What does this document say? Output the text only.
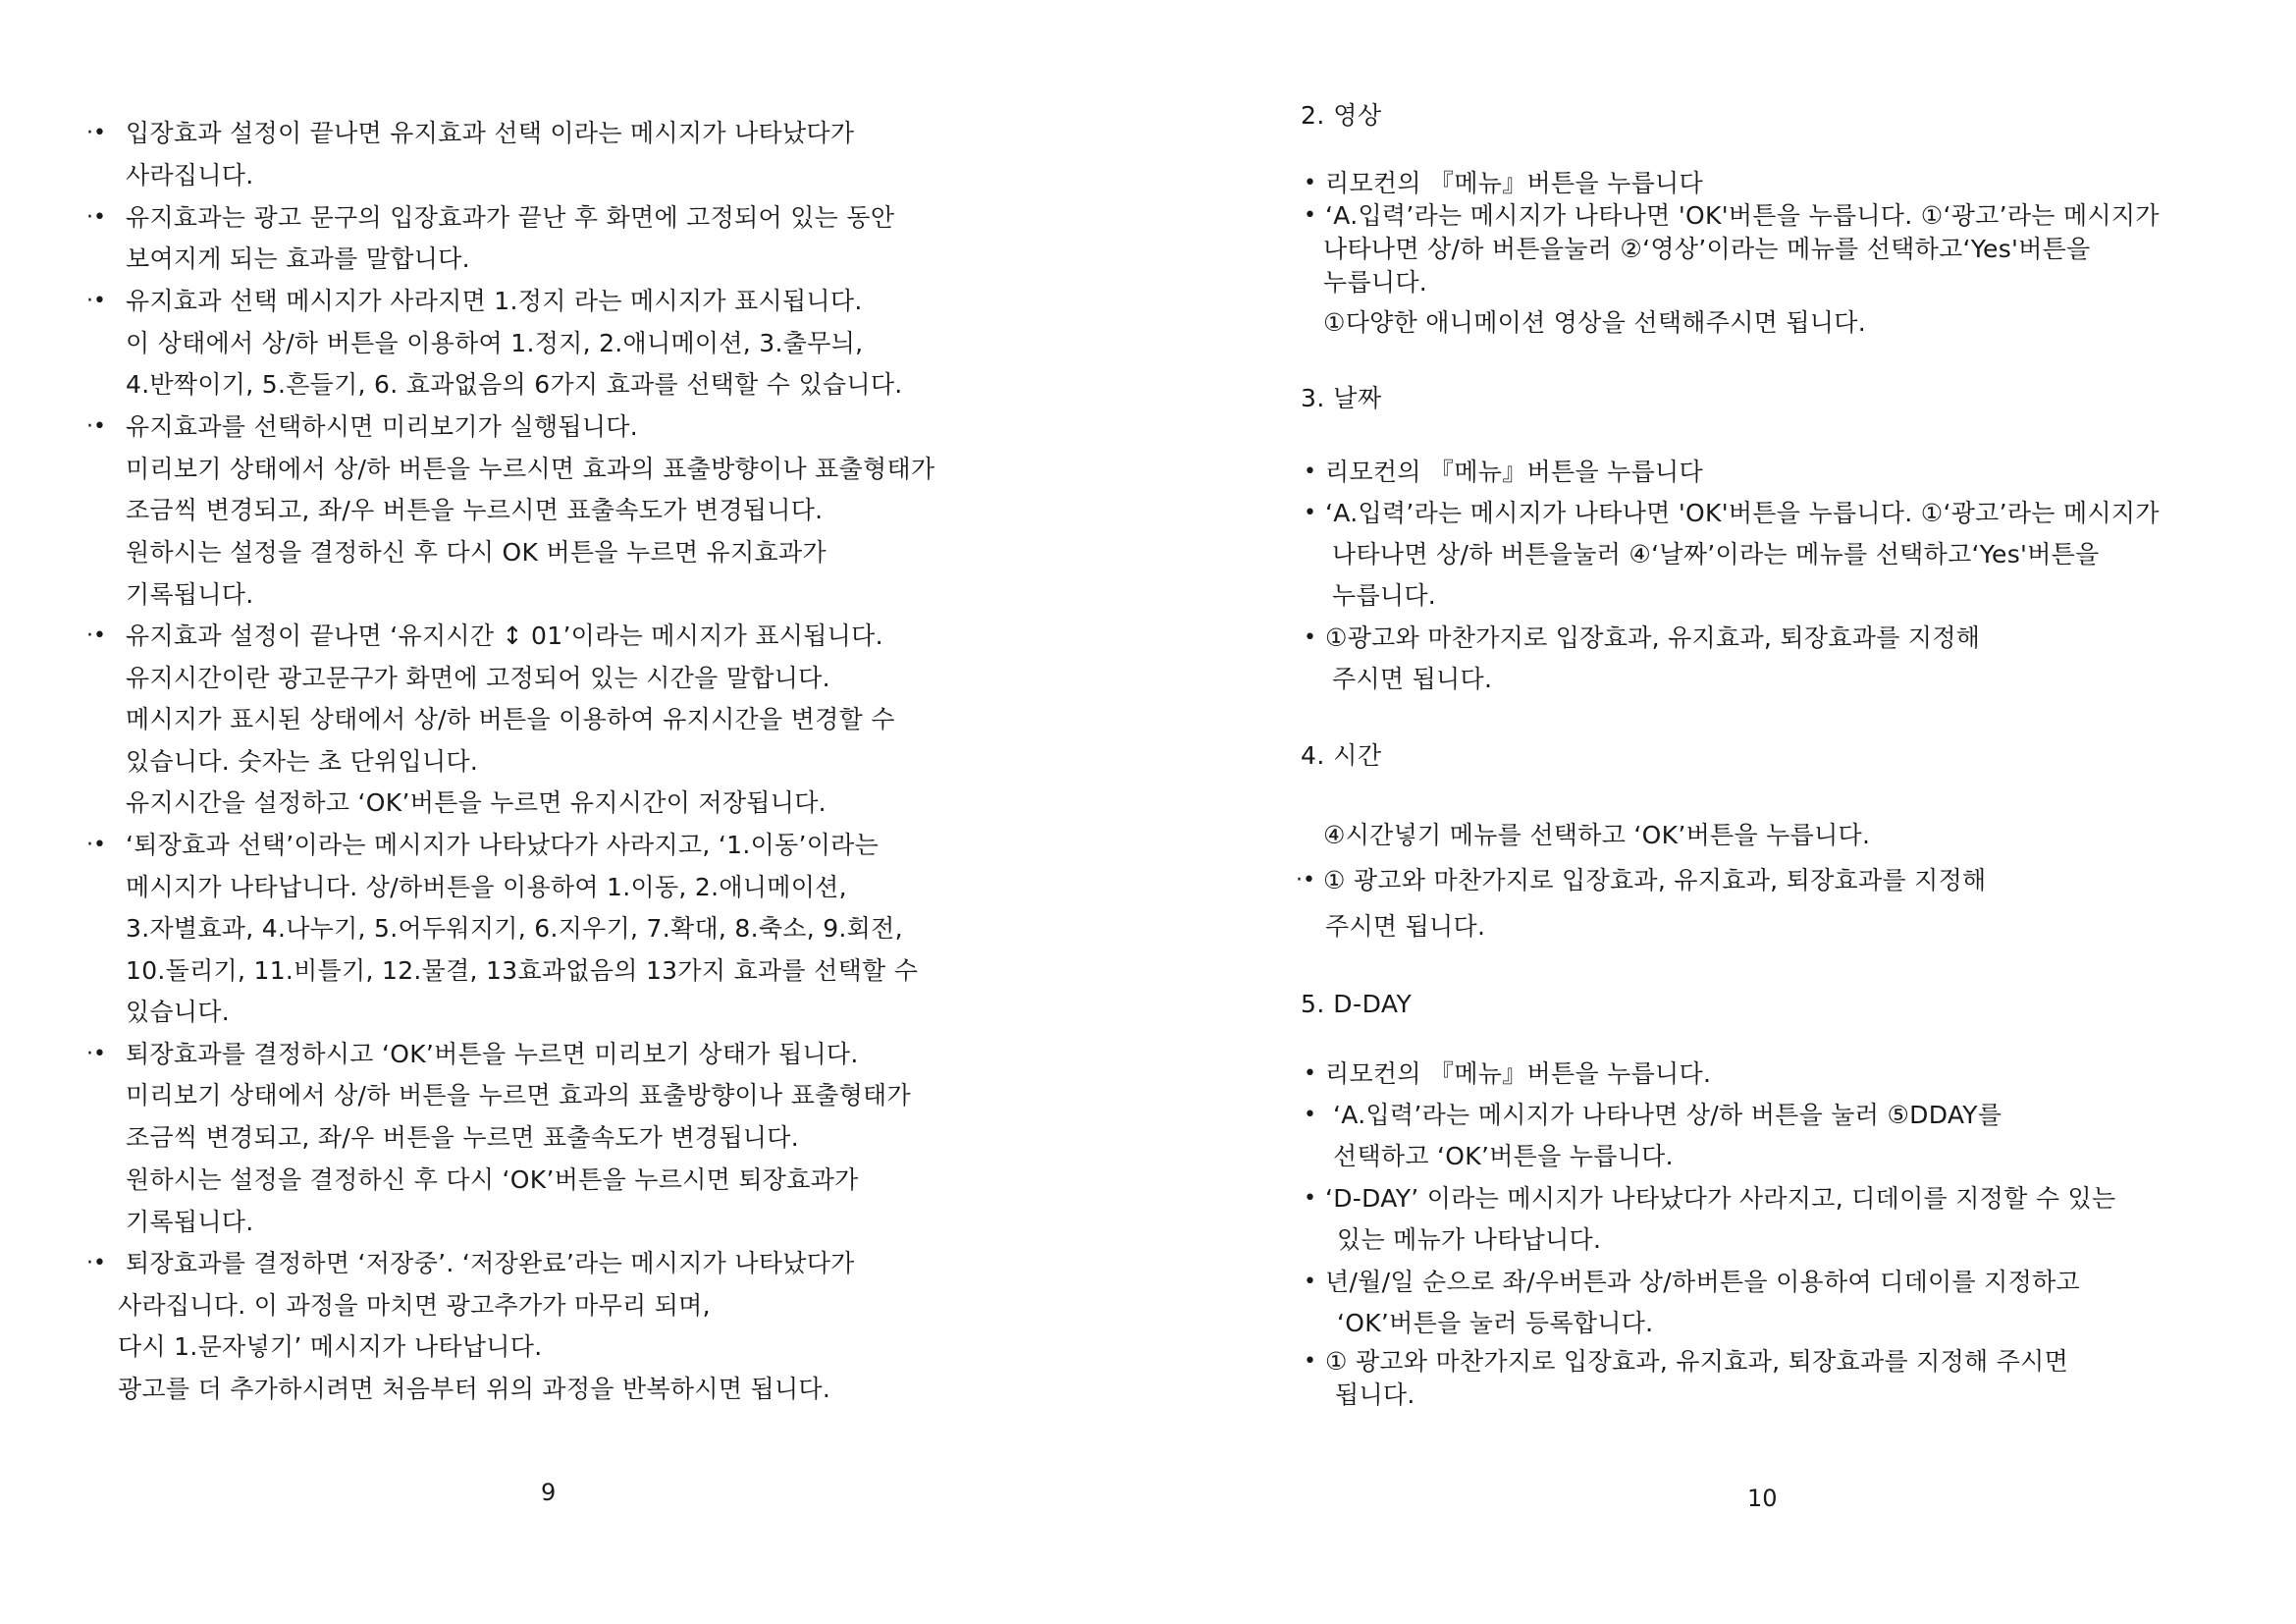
·• 입장효과 설정이 끝나면 유지효과 선택 이라는 메시지가 나타났다가
사라집니다.
·• 유지효과는 광고 문구의 입장효과가 끝난 후 화면에 고정되어 있는 동안
보여지게 되는 효과를 말합니다.
·• 유지효과 선택 메시지가 사라지면 1.정지 라는 메시지가 표시됩니다.
이 상태에서 상/하 버튼을 이용하여 1.정지, 2.애니메이션, 3.출무늬,
4.반짝이기, 5.흔들기, 6. 효과없음의 6가지 효과를 선택할 수 있습니다.
·• 유지효과를 선택하시면 미리보기가 실행됩니다.
미리보기 상태에서 상/하 버튼을 누르시면 효과의 표출방향이나 표출형태가
조금씩 변경되고, 좌/우 버튼을 누르시면 표출속도가 변경됩니다.
원하시는 설정을 결정하신 후 다시 OK 버튼을 누르면 유지효과가
기록됩니다.
·• 유지효과 설정이 끝나면 ‘유지시간 ↕ 01’이라는 메시지가 표시됩니다.
유지시간이란 광고문구가 화면에 고정되어 있는 시간을 말합니다.
메시지가 표시된 상태에서 상/하 버튼을 이용하여 유지시간을 변경할 수
있습니다. 숫자는 초 단위입니다.
유지시간을 설정하고 ‘OK’버튼을 누르면 유지시간이 저장됩니다.
·• ‘퇴장효과 선택’이라는 메시지가 나타났다가 사라지고, ‘1.이동’이라는
메시지가 나타납니다. 상/하버튼을 이용하여 1.이동, 2.애니메이션,
3.자별효과, 4.나누기, 5.어두워지기, 6.지우기, 7.확대, 8.축소, 9.회전,
10.돌리기, 11.비틀기, 12.물결, 13효과없음의 13가지 효과를 선택할 수
있습니다.
·• 퇴장효과를 결정하시고 ‘OK’버튼을 누르면 미리보기 상태가 됩니다.
미리보기 상태에서 상/하 버튼을 누르면 효과의 표출방향이나 표출형태가
조금씩 변경되고, 좌/우 버튼을 누르면 표출속도가 변경됩니다.
원하시는 설정을 결정하신 후 다시 ‘OK’버튼을 누르시면 퇴장효과가
기록됩니다.
·• 퇴장효과를 결정하면 ‘저장중’. ‘저장완료’라는 메시지가 나타났다가
사라집니다. 이 과정을 마치면 광고추가가 마무리 되며,
다시 1.문자넣기’ 메시지가 나타납니다.
광고를 더 추가하시려면 처음부터 위의 과정을 반복하시면 됩니다.
9
2. 영상
• 리모컨의 『메뉴』버튼을 누릅니다
• ‘A.입력’라는 메시지가 나타나면 'OK'버튼을 누릅니다. ①‘광고’라는 메시지가
나타나면 상/하 버튼을눌러 ②‘영상’이라는 메뉴를 선택하고‘Yes'버튼을
누릅니다.
①다양한 애니메이션 영상을 선택해주시면 됩니다.
3. 날짜
• 리모컨의 『메뉴』버튼을 누릅니다
• ‘A.입력’라는 메시지가 나타나면 'OK'버튼을 누릅니다. ①‘광고’라는 메시지가
나타나면 상/하 버튼을눌러 ④‘날짜’이라는 메뉴를 선택하고‘Yes'버튼을
누릅니다.
• ①광고와 마찬가지로 입장효과, 유지효과, 퇴장효과를 지정해
주시면 됩니다.
4. 시간
④시간넣기 메뉴를 선택하고 ‘OK’버튼을 누릅니다.
·• ① 광고와 마찬가지로 입장효과, 유지효과, 퇴장효과를 지정해
주시면 됩니다.
5. D-DAY
• 리모컨의 『메뉴』버튼을 누릅니다.
• ‘A.입력’라는 메시지가 나타나면 상/하 버튼을 눌러 ⑤DDAY를
선택하고 ‘OK’버튼을 누릅니다.
• ‘D-DAY’ 이라는 메시지가 나타났다가 사라지고, 디데이를 지정할 수 있는
있는 메뉴가 나타납니다.
• 년/월/일 순으로 좌/우버튼과 상/하버튼을 이용하여 디데이를 지정하고
‘OK’버튼을 눌러 등록합니다.
• ① 광고와 마찬가지로 입장효과, 유지효과, 퇴장효과를 지정해 주시면
됩니다.
10
